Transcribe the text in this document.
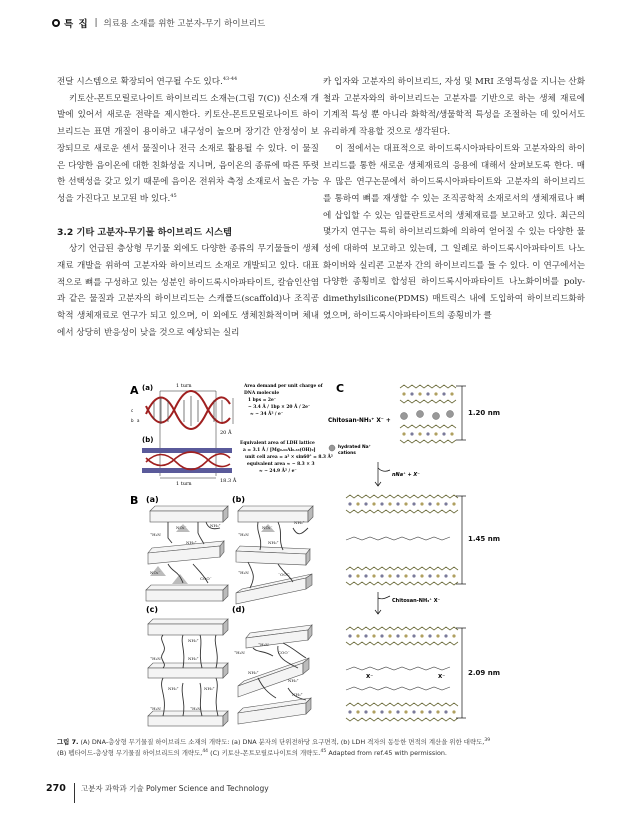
특 집 | 의료용 소재를 위한 고분자-무기 하이브리드

전달 시스템으로 확장되어 연구될 수도 있다.$^{43-44}$

키토산-몬트모릴로나이트 하이브리드 소재는(그림 7(C)) 신소재 개발에 있어서 새로운 전략을 제시한다. 키토산-몬트모릴로나이트 하이브리드는 표면 개질이 용이하고 내구성이 높으며 장기간 안정성이 보장되므로 새로운 센서 물질이나 전극 소재로 활용될 수 있다. 이 물질은 다양한 음이온에 대한 친화성을 지니며, 음이온의 종류에 따른 뚜렷한 선택성을 갖고 있기 때문에 음이온 전위차 측정 소재로서 높은 가능성을 가진다고 보고된 바 있다.$^{45}$

3.2 기타 고분자-무기물 하이브리드 시스템

상기 언급된 층상형 무기물 외에도 다양한 종류의 무기물들이 생체재료 개발을 위하여 고분자와 하이브리드 소재로 개발되고 있다. 대표적으로 뼈를 구성하고 있는 성분인 하이드록시아파타이트, 칼슘인산염과 같은 물질과 고분자의 하이브리드는 스캐폴드(scaffold)나 조직공학적 생체재료로 연구가 되고 있으며, 이 외에도 생체친화적이며 체내에서 상당히 반응성이 낮을 것으로 예상되는 실리

카 입자와 고분자의 하이브리드, 자성 및 MRI 조영특성을 지니는 산화철과 고분자와의 하이브리드는 고분자를 기반으로 하는 생체 재료에 기계적 특성 뿐 아니라 화학적/생물학적 특성을 조절하는 데 있어서도 유리하게 작용할 것으로 생각된다.

이 절에서는 대표적으로 하이드록시아파타이트와 고분자와의 하이브리드를 통한 새로운 생체재료의 응용에 대해서 살펴보도록 한다. 매우 많은 연구논문에서 하이드록시아파타이트와 고분자의 하이브리드를 통하여 뼈를 재생할 수 있는 조직공학적 소재로서의 생체재료나 뼈에 삽입할 수 있는 임플란트로서의 생체재료를 보고하고 있다. 최근의 몇가지 연구는 특히 하이브리드화에 의하여 얻어질 수 있는 다양한 물성에 대하여 보고하고 있는데, 그 일례로 하이드록시아파타이트 나노화이버와 실리콘 고분자 간의 하이브리드를 들 수 있다. 이 연구에서는 다양한 종횡비로 합성된 하이드록시아파타이트 나노화이버를 poly-dimethylsilicone(PDMS) 매트릭스 내에 도입하여 하이브리드화하였으며, 하이드록시아파타이트의 종횡비가 클

A (a)
(b)
1 turn
20 Å
18.3 Å
1 turn
c
b a
Area demand per unit charge of
DNA molecule
1 bps = 2e⁻
~ 3.4 Å / 1bp × 20 Å / 2e⁻
≈ ~ 34 Å² / e⁻
Equivalent area of LDH lattice
a = 3.1 Å / [Mg₀.₆₆Al₀.₃₃(OH)₂]
unit cell area = a² × sin60° = 8.3 Å²
equivalent area ≈ ~ 8.3 × 3
≈ ~ 24.9 Å² / e⁻
B (a)	(b)
(c)	(d)
NO₃⁻	NH₃⁺
⁺H₃N
NH₃⁺
COO⁻
NO₃⁻
NO₃⁻
⁺H₃N
NH₃⁺
NH₃⁺
⁺H₃N	⁻OOC
NH₃⁺
⁺H₃N	NH₃⁺
NH₃⁺	NH₃⁺
⁺H₃N	⁺H₃N
⁺H₃N
⁺H₃N
COO⁻
NH₃⁺
NH₃⁺
NH₃⁺
C
Chitosan-NH₃⁺ X⁻ +
hydrated Na⁺
cations
nNa⁺ + X⁻
Chitosan-NH₃⁺ X⁻
X⁻	X⁻
1.20 nm
1.45 nm
2.09 nm
그림 7. (A) DNA-층상형 무기물질 하이브리드 소재의 개략도: (a) DNA 분자의 단위전하당 요구면적, (b) LDH 격자의 동등한 면적의 계산을 위한 대략도,$^{39}$
(B) 펩타이드-층상형 무기물질 하이브리드의 개략도,$^{44}$ (C) 키토산-몬트모릴로나이트의 개략도.$^{45}$ Adapted from ref.45 with permission.
270 고분자 과학과 기술 Polymer Science and Technology
